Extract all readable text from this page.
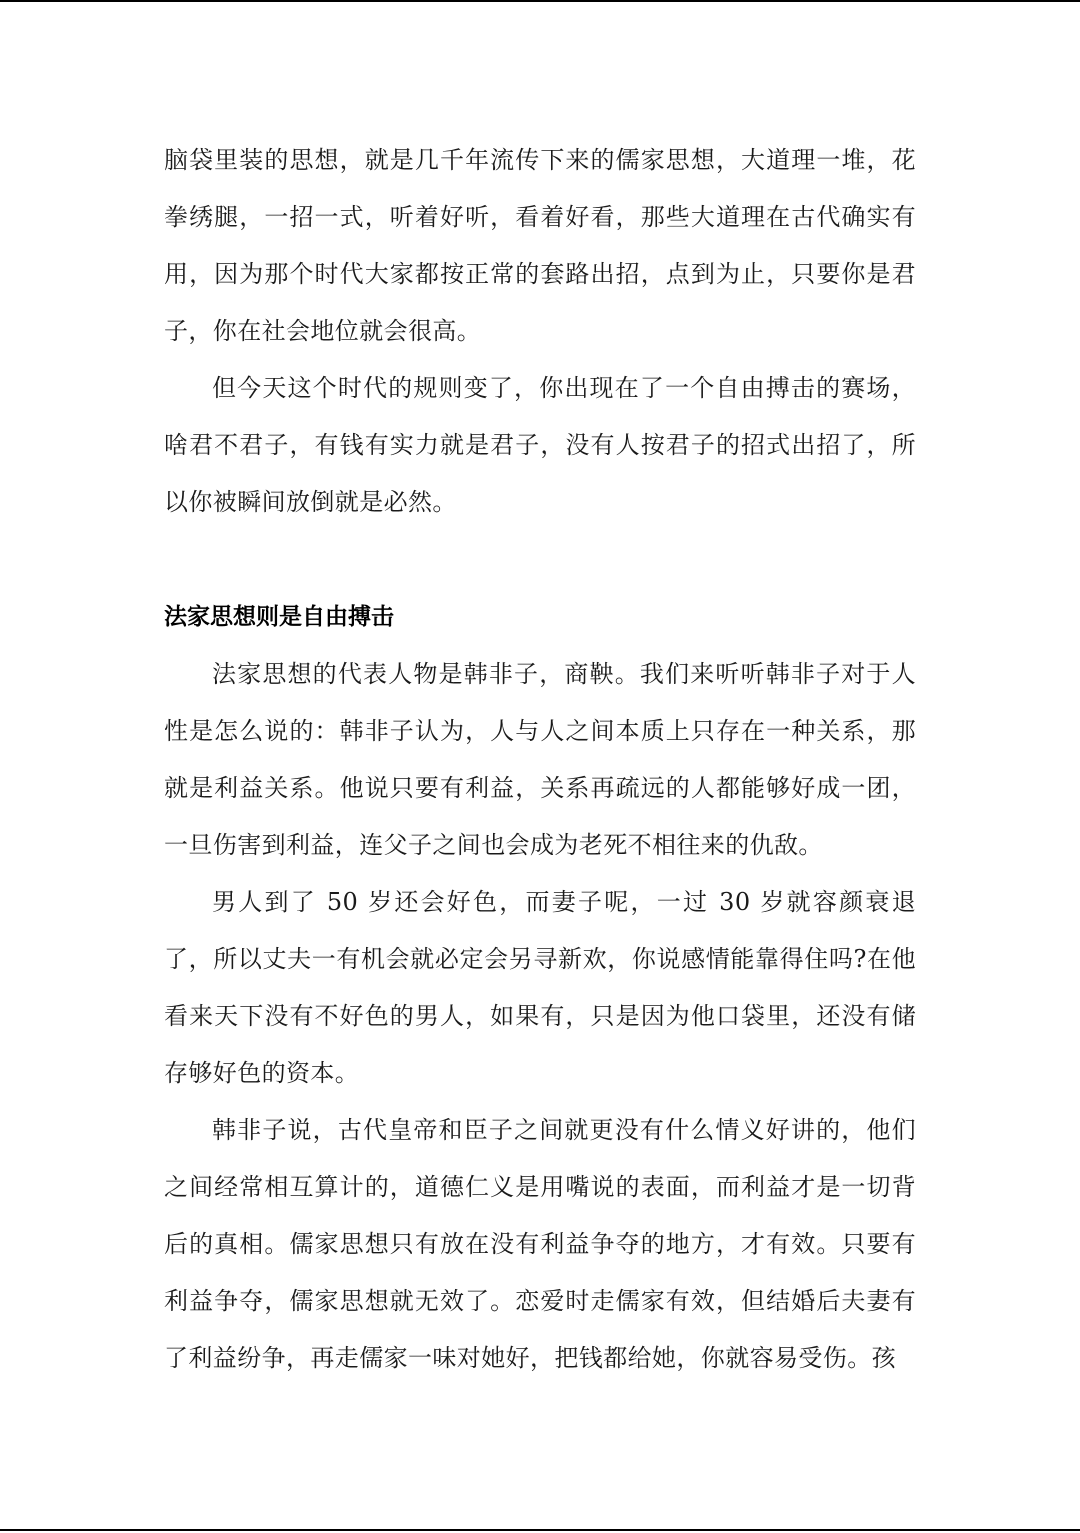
脑袋里装的思想，就是几千年流传下来的儒家思想，大道理一堆，花拳绣腿，一招一式，听着好听，看着好看，那些大道理在古代确实有用，因为那个时代大家都按正常的套路出招，点到为止，只要你是君子，你在社会地位就会很高。

但今天这个时代的规则变了，你出现在了一个自由搏击的赛场，啥君不君子，有钱有实力就是君子，没有人按君子的招式出招了，所以你被瞬间放倒就是必然。

法家思想则是自由搏击

法家思想的代表人物是韩非子，商鞅。我们来听听韩非子对于人性是怎么说的：韩非子认为，人与人之间本质上只存在一种关系，那就是利益关系。他说只要有利益，关系再疏远的人都能够好成一团，一旦伤害到利益，连父子之间也会成为老死不相往来的仇敌。

男人到了 50 岁还会好色，而妻子呢，一过 30 岁就容颜衰退了，所以丈夫一有机会就必定会另寻新欢，你说感情能靠得住吗?在他看来天下没有不好色的男人，如果有，只是因为他口袋里，还没有储存够好色的资本。

韩非子说，古代皇帝和臣子之间就更没有什么情义好讲的，他们之间经常相互算计的，道德仁义是用嘴说的表面，而利益才是一切背后的真相。儒家思想只有放在没有利益争夺的地方，才有效。只要有利益争夺，儒家思想就无效了。恋爱时走儒家有效，但结婚后夫妻有了利益纷争，再走儒家一味对她好，把钱都给她，你就容易受伤。孩
